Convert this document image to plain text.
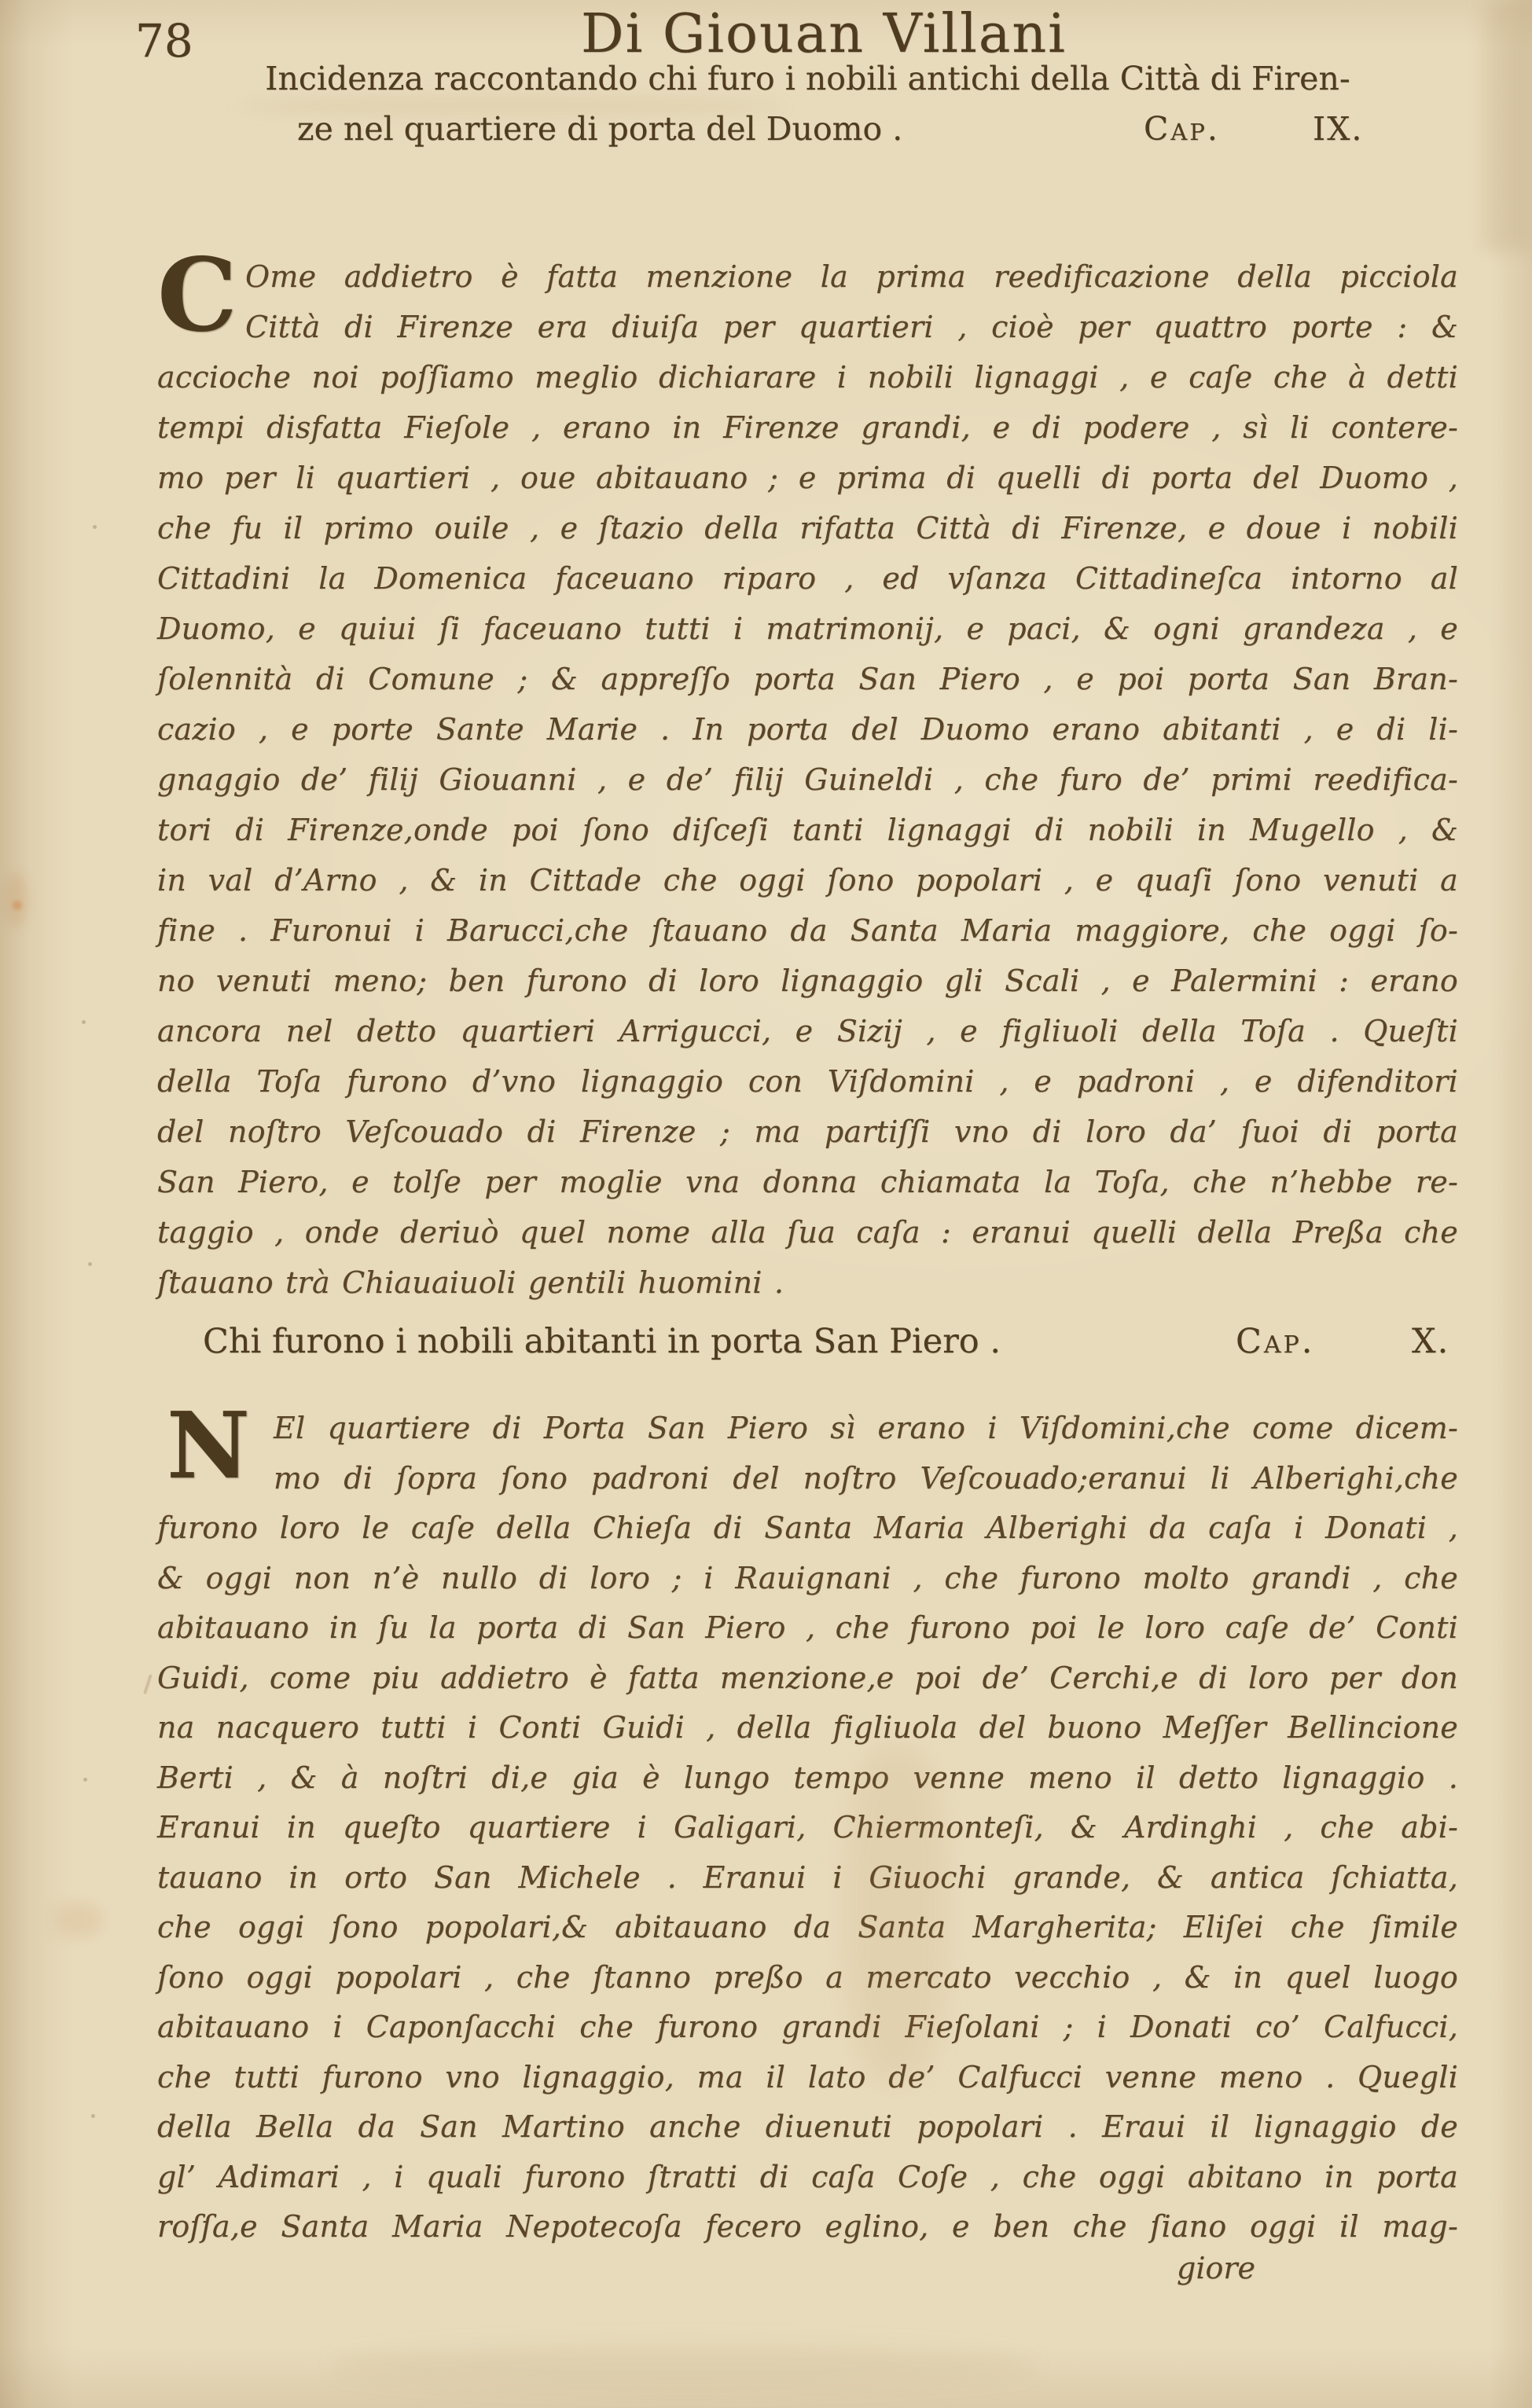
78	Di Giouan Villani
Incidenza raccontando chi furo i nobili antichi della Città di Firen-
ze nel quartiere di porta del Duomo .	Cap.	IX.
C Ome addietro è fatta menzione la prima reedificazione della picciola
Città di Firenze era diuiſa per quartieri , cioè per quattro porte : &
accioche noi poſſiamo meglio dichiarare i nobili lignaggi , e caſe che à detti
tempi disfatta Fieſole , erano in Firenze grandi, e di podere , sì li contere-
mo per li quartieri , oue abitauano ; e prima di quelli di porta del Duomo ,
che fu il primo ouile , e ſtazio della rifatta Città di Firenze, e doue i nobili
Cittadini la Domenica faceuano riparo , ed vſanza Cittadineſca intorno al
Duomo, e quiui ſi faceuano tutti i matrimonij, e paci, & ogni grandeza , e
ſolennità di Comune ; & appreſſo porta San Piero , e poi porta San Bran-
cazio , e porte Sante Marie . In porta del Duomo erano abitanti , e di li-
gnaggio de’ filij Giouanni , e de’ filij Guineldi , che furo de’ primi reedifica-
tori di Firenze,onde poi ſono diſceſi tanti lignaggi di nobili in Mugello , &
in val d’Arno , & in Cittade che oggi ſono popolari , e quaſi ſono venuti a
fine . Furonui i Barucci,che ſtauano da Santa Maria maggiore, che oggi ſo-
no venuti meno; ben furono di loro lignaggio gli Scali , e Palermini : erano
ancora nel detto quartieri Arrigucci, e Sizij , e figliuoli della Toſa . Queſti
della Toſa furono d’vno lignaggio con Viſdomini , e padroni , e difenditori
del noſtro Veſcouado di Firenze ; ma partiſſi vno di loro da’ ſuoi di porta
San Piero, e tolſe per moglie vna donna chiamata la Toſa, che n’hebbe re-
taggio , onde deriuò quel nome alla ſua caſa : eranui quelli della Preßa che
ſtauano trà Chiauaiuoli gentili huomini .
Chi furono i nobili abitanti in porta San Piero .	Cap.	X.
N El quartiere di Porta San Piero sì erano i Viſdomini,che come dicem-
mo di ſopra ſono padroni del noſtro Veſcouado;eranui li Alberighi,che
furono loro le caſe della Chieſa di Santa Maria Alberighi da caſa i Donati ,
& oggi non n’è nullo di loro ; i Rauignani , che furono molto grandi , che
abitauano in ſu la porta di San Piero , che furono poi le loro caſe de’ Conti
Guidi, come piu addietro è fatta menzione,e poi de’ Cerchi,e di loro per don
na nacquero tutti i Conti Guidi , della figliuola del buono Meſſer Bellincione
Berti , & à noſtri di,e gia è lungo tempo venne meno il detto lignaggio .
Eranui in queſto quartiere i Galigari, Chiermonteſi, & Ardinghi , che abi-
tauano in orto San Michele . Eranui i Giuochi grande, & antica ſchiatta,
che oggi ſono popolari,& abitauano da Santa Margherita; Eliſei che ſimile
ſono oggi popolari , che ſtanno preßo a mercato vecchio , & in quel luogo
abitauano i Caponſacchi che furono grandi Fieſolani ; i Donati co’ Calfucci,
che tutti furono vno lignaggio, ma il lato de’ Calfucci venne meno . Quegli
della Bella da San Martino anche diuenuti popolari . Eraui il lignaggio de
gl’ Adimari , i quali furono ſtratti di caſa Coſe , che oggi abitano in porta
roſſa,e Santa Maria Nepotecoſa fecero eglino, e ben che ſiano oggi il mag-
giore
